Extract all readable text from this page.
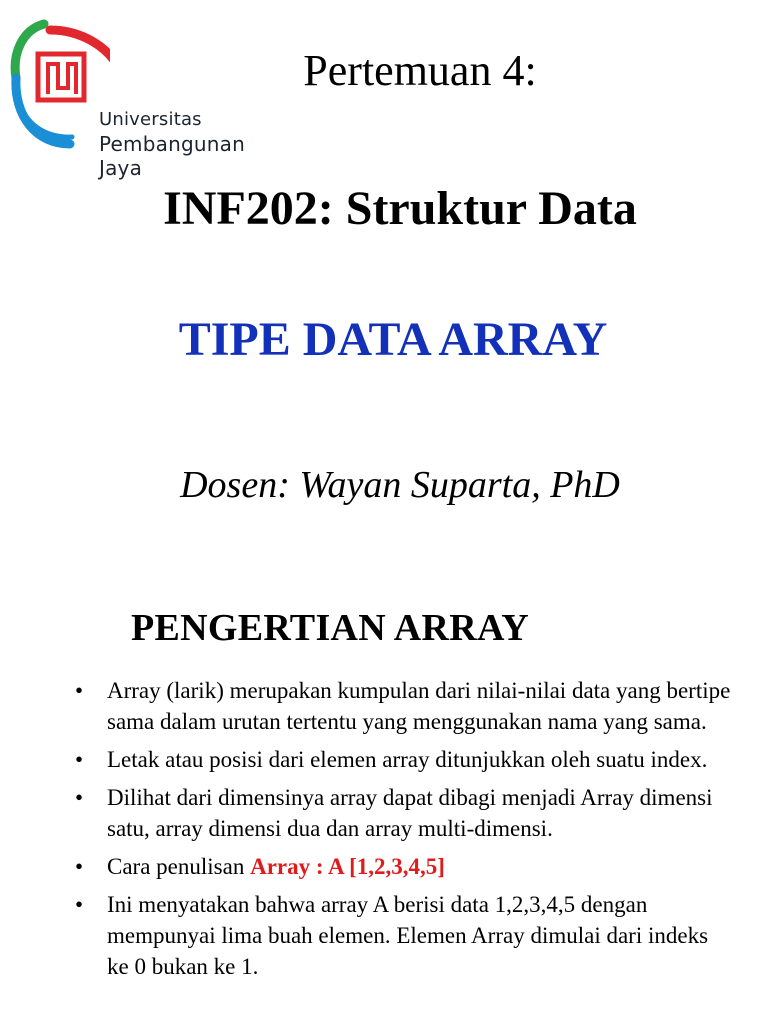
Universitas
Pembangunan Jaya
Pertemuan 4:
INF202: Struktur Data
TIPE DATA ARRAY
Dosen: Wayan Suparta, PhD
PENGERTIAN ARRAY
• Array (larik) merupakan kumpulan dari nilai-nilai data yang bertipe sama dalam urutan tertentu yang menggunakan nama yang sama.
• Letak atau posisi dari elemen array ditunjukkan oleh suatu index.
• Dilihat dari dimensinya array dapat dibagi menjadi Array dimensi satu, array dimensi dua dan array multi-dimensi.
• Cara penulisan Array : A [1,2,3,4,5]
• Ini menyatakan bahwa array A berisi data 1,2,3,4,5 dengan mempunyai lima buah elemen. Elemen Array dimulai dari indeks ke 0 bukan ke 1.
